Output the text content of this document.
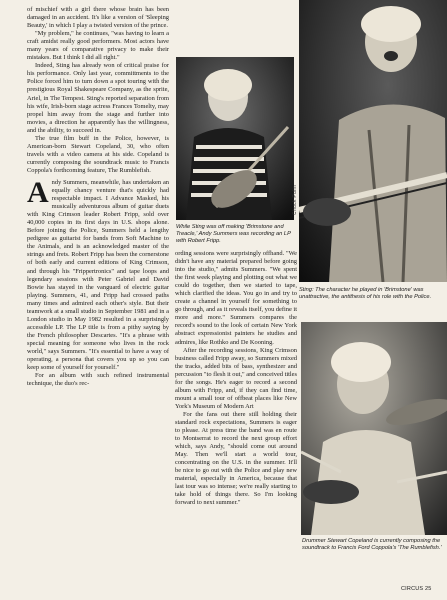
of mischief with a girl there whose brain has been damaged in an accident. It's like a version of 'Sleeping Beauty,' in which I play a twisted version of the prince.

"My problem," he continues, "was having to learn a craft amidst really good performers. Most actors have many years of comparative privacy to make their mistakes. But I think I did all right."

Indeed, Sting has already won of critical praise for his performance. Only last year, committments to the Police forced him to turn down a spot touring with the prestigious Royal Shakespeare Company, as the sprite, Ariel, in The Tempest. Sting's reported separation from his wife, Irish-born stage actress Frances Tomelty, may propel him away from the stage and further into movies, a direction he apparently has the willingness, and the ability, to succeed in.

The true film buff in the Police, however, is American-born Stewart Copeland, 30, who often travels with a video camera at his side. Copeland is currently composing the soundtrack music to Francis Coppola's forthcoming feature, The Rumblefish.

Andy Summers, meanwhile, has undertaken an equally chancy venture that's quickly had respectable impact. I Advance Masked, his musically adventurous album of guitar duets with King Crimson leader Robert Fripp, sold over 40,000 copies in its first days in U.S. shops alone. Before joining the Police, Summers held a lengthy pedigree as guitarist for bands from Soft Machine to the Animals, and is an acknowledged master of the strings and frets. Robert Fripp has been the cornerstone of both early and current editions of King Crimson, and through his "Frippertronics" and tape loops and legendary sessions with Peter Gabriel and David Bowie has stayed in the vanguard of electric guitar playing. Summers, 41, and Fripp had crossed paths many times and admired each other's style. But their teamwork at a small studio in September 1981 and in a London studio in May 1982 resulted in a surprisingly accessible LP. The LP title is from a pithy saying by the French philosopher Descartes. "It's a phrase with special meaning for someone who lives in the rock world," says Summers. "It's essential to have a way of operating, a persona that covers you up so you can keep some of yourself for yourself."

For an album with such refined instrumental technique, the duo's rec-

While Sting was off making 'Brimstone and Treacle,' Andy Summers was recording an LP with Robert Fripp.
Chuck Pulin
Sting: The character he played in 'Brimstone' was unattractive, the antithesis of his role with the Police.

ording sessions were surprisingly offhand. "We didn't have any material prepared before going into the studio," admits Summers. "We spent the first week playing and plotting out what we could do together, then we started to tape, which clarified the ideas. You go in and try to create a channel in yourself for something to go through, and as it reveals itself, you define it more and more." Summers compares the record's sound to the look of certain New York abstract expressionist painters he studies and admires, like Rothko and De Kooning.

After the recording sessions, King Crimson business called Fripp away, so Summers mixed the tracks, added bits of bass, synthesizer and percussion "to flesh it out," and conceived titles for the songs. He's eager to record a second album with Fripp, and, if they can find time, mount a small tour of offbeat places like New York's Museum of Modern Art

For the fans out there still holding their standard rock expectations, Summers is eager to please. At press time the band was en route to Montserrat to record the next group effort which, says Andy, "should come out around May. Then we'll start a world tour, concentrating on the U.S. in the summer. It'll be nice to go out with the Police and play new material, especially in America, because that last tour was so intense; we're really starting to take hold of things there. So I'm looking forward to next summer."

Drummer Stewart Copeland is currently composing the soundtrack to Francis Ford Coppola's 'The Rumblefish.'
CIRCUS 25
